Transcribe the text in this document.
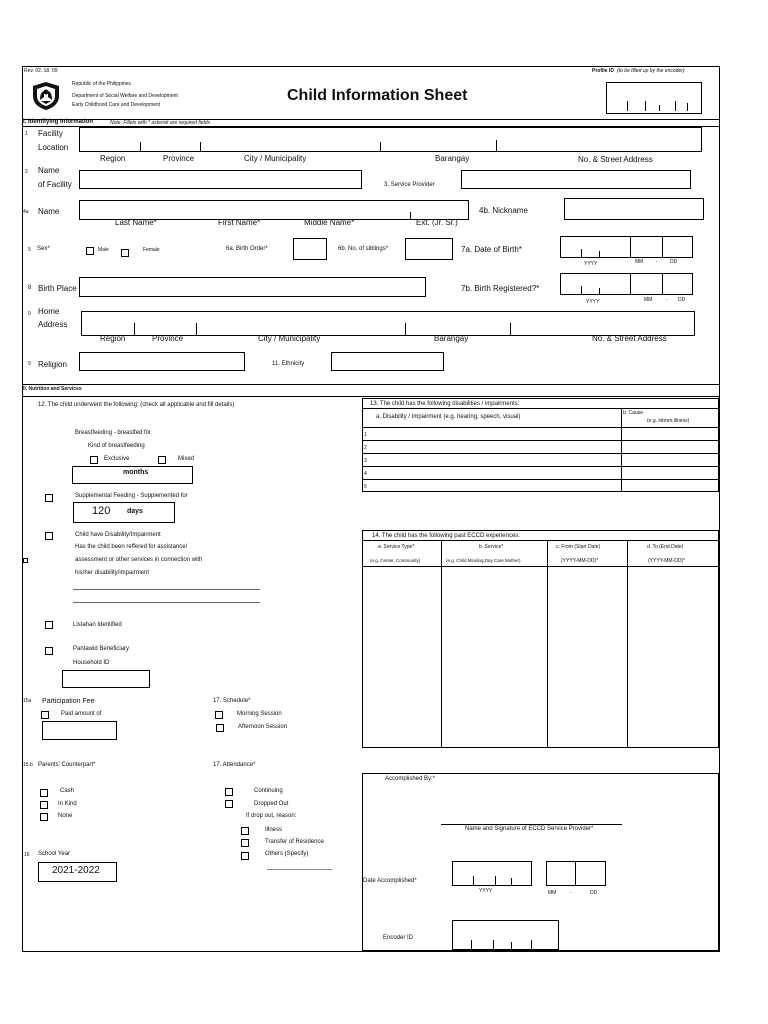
Rev. 02. 18. 09	Profile ID (to be filled up by the encoder)
Republic of the Philippines
Department of Social Welfare and Development
Early Childhood Care and Development
Child Information Sheet
I. Identifying Information	Note: Fillets with * asterisk are required fields
1 Facility
Location
Region	Province	City / Municipality	Barangay	No. & Street Address
2 Name
of Facility	3. Service Provider
4a Name
Last Name*	First Name*	Middle Name*	Ext. (Jr. Sr.)
4b. Nickname
5 Sex*	Male	Female	6a. Birth Order*	6b. No. of siblings*	7a. Date of Birth*
YYYY	MM	- DD
8 Birth Place	7b. Birth Registered?*
YYYY	MM	- DD
9 Home
Address
Region	Province	City / Municipality	Barangay	No. & Street Address
9 Religion	11. Ethnicity
II. Nutrition and Services
12. The child underwent the following: (check all applicable and fill details)
Breastfeeding - breastfed for
Kind of breastfeeding
Exclusive	Mixed
months
Supplemental Feeding - Supplemented for
120 days
Child have Disability/Impairment
Has the child been reffered for assistance/
assessment or other services in connection with
his/her disability/impairment
Listahan Identified
Pantawid Beneficiary
Household ID
15a Participation Fee
Paid amount of
17. Schedule*
Morning Session
Afternoon Session
15.b Parents' Counterpart*
Cash
In Kind
None
17. Attendance*
Continuing
Dropped Out
If drop out, reason:
Illness
Transfer of Residence
Others (Specify)
16 School Year
2021-2022
13. The child has the following disabilities / impairments:
a. Disability / Impairment (e.g. hearing, speech, visual)
b. Cause
(e.g. inborn,illness)
1
2
3
4
5
14. The child has the following past ECCD experiences:
a. Service Type*	b. Service*	c. From (Start Date)	d. To (End Date)
(e.g. Center, Community)	(e.g. Child Minding,Day Care Mother)	(YYYY-MM-DD)*	(YYYY-MM-DD)*
Accomplished By:*
Name and Signature of ECCD Service Provider*
Date Accomplished*
YYYY	MM	-	DD
Encoder ID
